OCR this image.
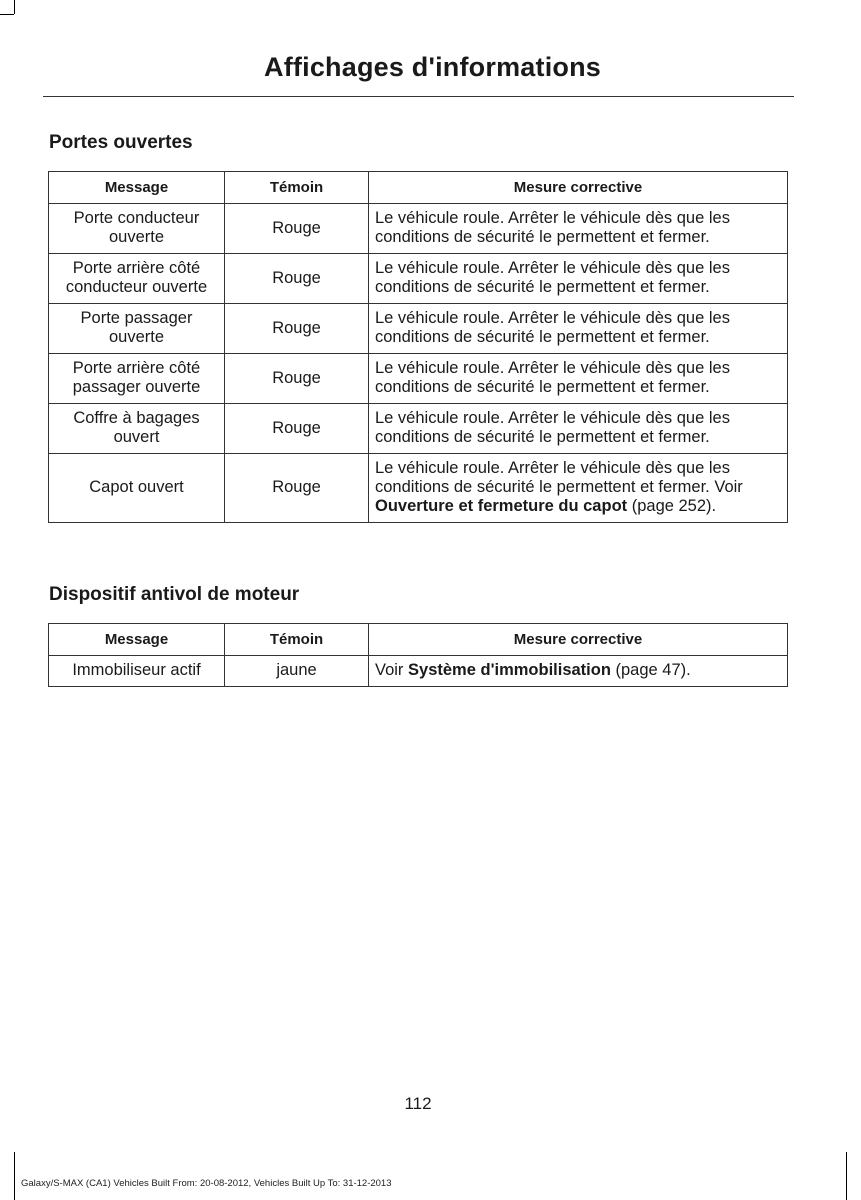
Affichages d'informations
Portes ouvertes
Message	Témoin	Mesure corrective
Porte conducteur ouverte	Rouge	Le véhicule roule. Arrêter le véhicule dès que les conditions de sécurité le permettent et fermer.
Porte arrière côté conducteur ouverte	Rouge	Le véhicule roule. Arrêter le véhicule dès que les conditions de sécurité le permettent et fermer.
Porte passager ouverte	Rouge	Le véhicule roule. Arrêter le véhicule dès que les conditions de sécurité le permettent et fermer.
Porte arrière côté passager ouverte	Rouge	Le véhicule roule. Arrêter le véhicule dès que les conditions de sécurité le permettent et fermer.
Coffre à bagages ouvert	Rouge	Le véhicule roule. Arrêter le véhicule dès que les conditions de sécurité le permettent et fermer.
Capot ouvert	Rouge	Le véhicule roule. Arrêter le véhicule dès que les conditions de sécurité le permettent et fermer. Voir Ouverture et fermeture du capot (page 252).
Dispositif antivol de moteur
Message	Témoin	Mesure corrective
Immobiliseur actif	jaune	Voir Système d'immobilisation (page 47).
112
Galaxy/S-MAX (CA1) Vehicles Built From: 20-08-2012, Vehicles Built Up To: 31-12-2013
